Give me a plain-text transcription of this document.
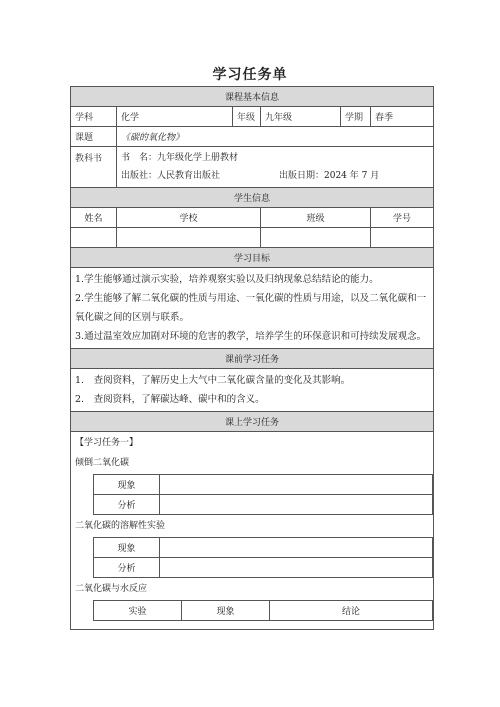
学习任务单
课程基本信息
学科	化学	年级	九年级	学期	春季
课题	《碳的氧化物》
教科书	书　名：九年级化学上册教材
出版社：人民教育出版社	出版日期：2024 年 7 月

学生信息
姓名	学校	班级	学号

学习目标

1.学生能够通过演示实验，培养观察实验以及归纳现象总结结论的能力。

2.学生能够了解二氧化碳的性质与用途、一氧化碳的性质与用途，以及二氧化碳和一氧化碳之间的区别与联系。

3.通过温室效应加剧对环境的危害的教学，培养学生的环保意识和可持续发展观念。

课前学习任务

1.　查阅资料，了解历史上大气中二氧化碳含量的变化及其影响。

2.　查阅资料，了解碳达峰、碳中和的含义。

课上学习任务

【学习任务一】
倾倒二氧化碳
现象	
分析	
二氧化碳的溶解性实验
现象	
分析	
二氧化碳与水反应
实验	现象	结论
